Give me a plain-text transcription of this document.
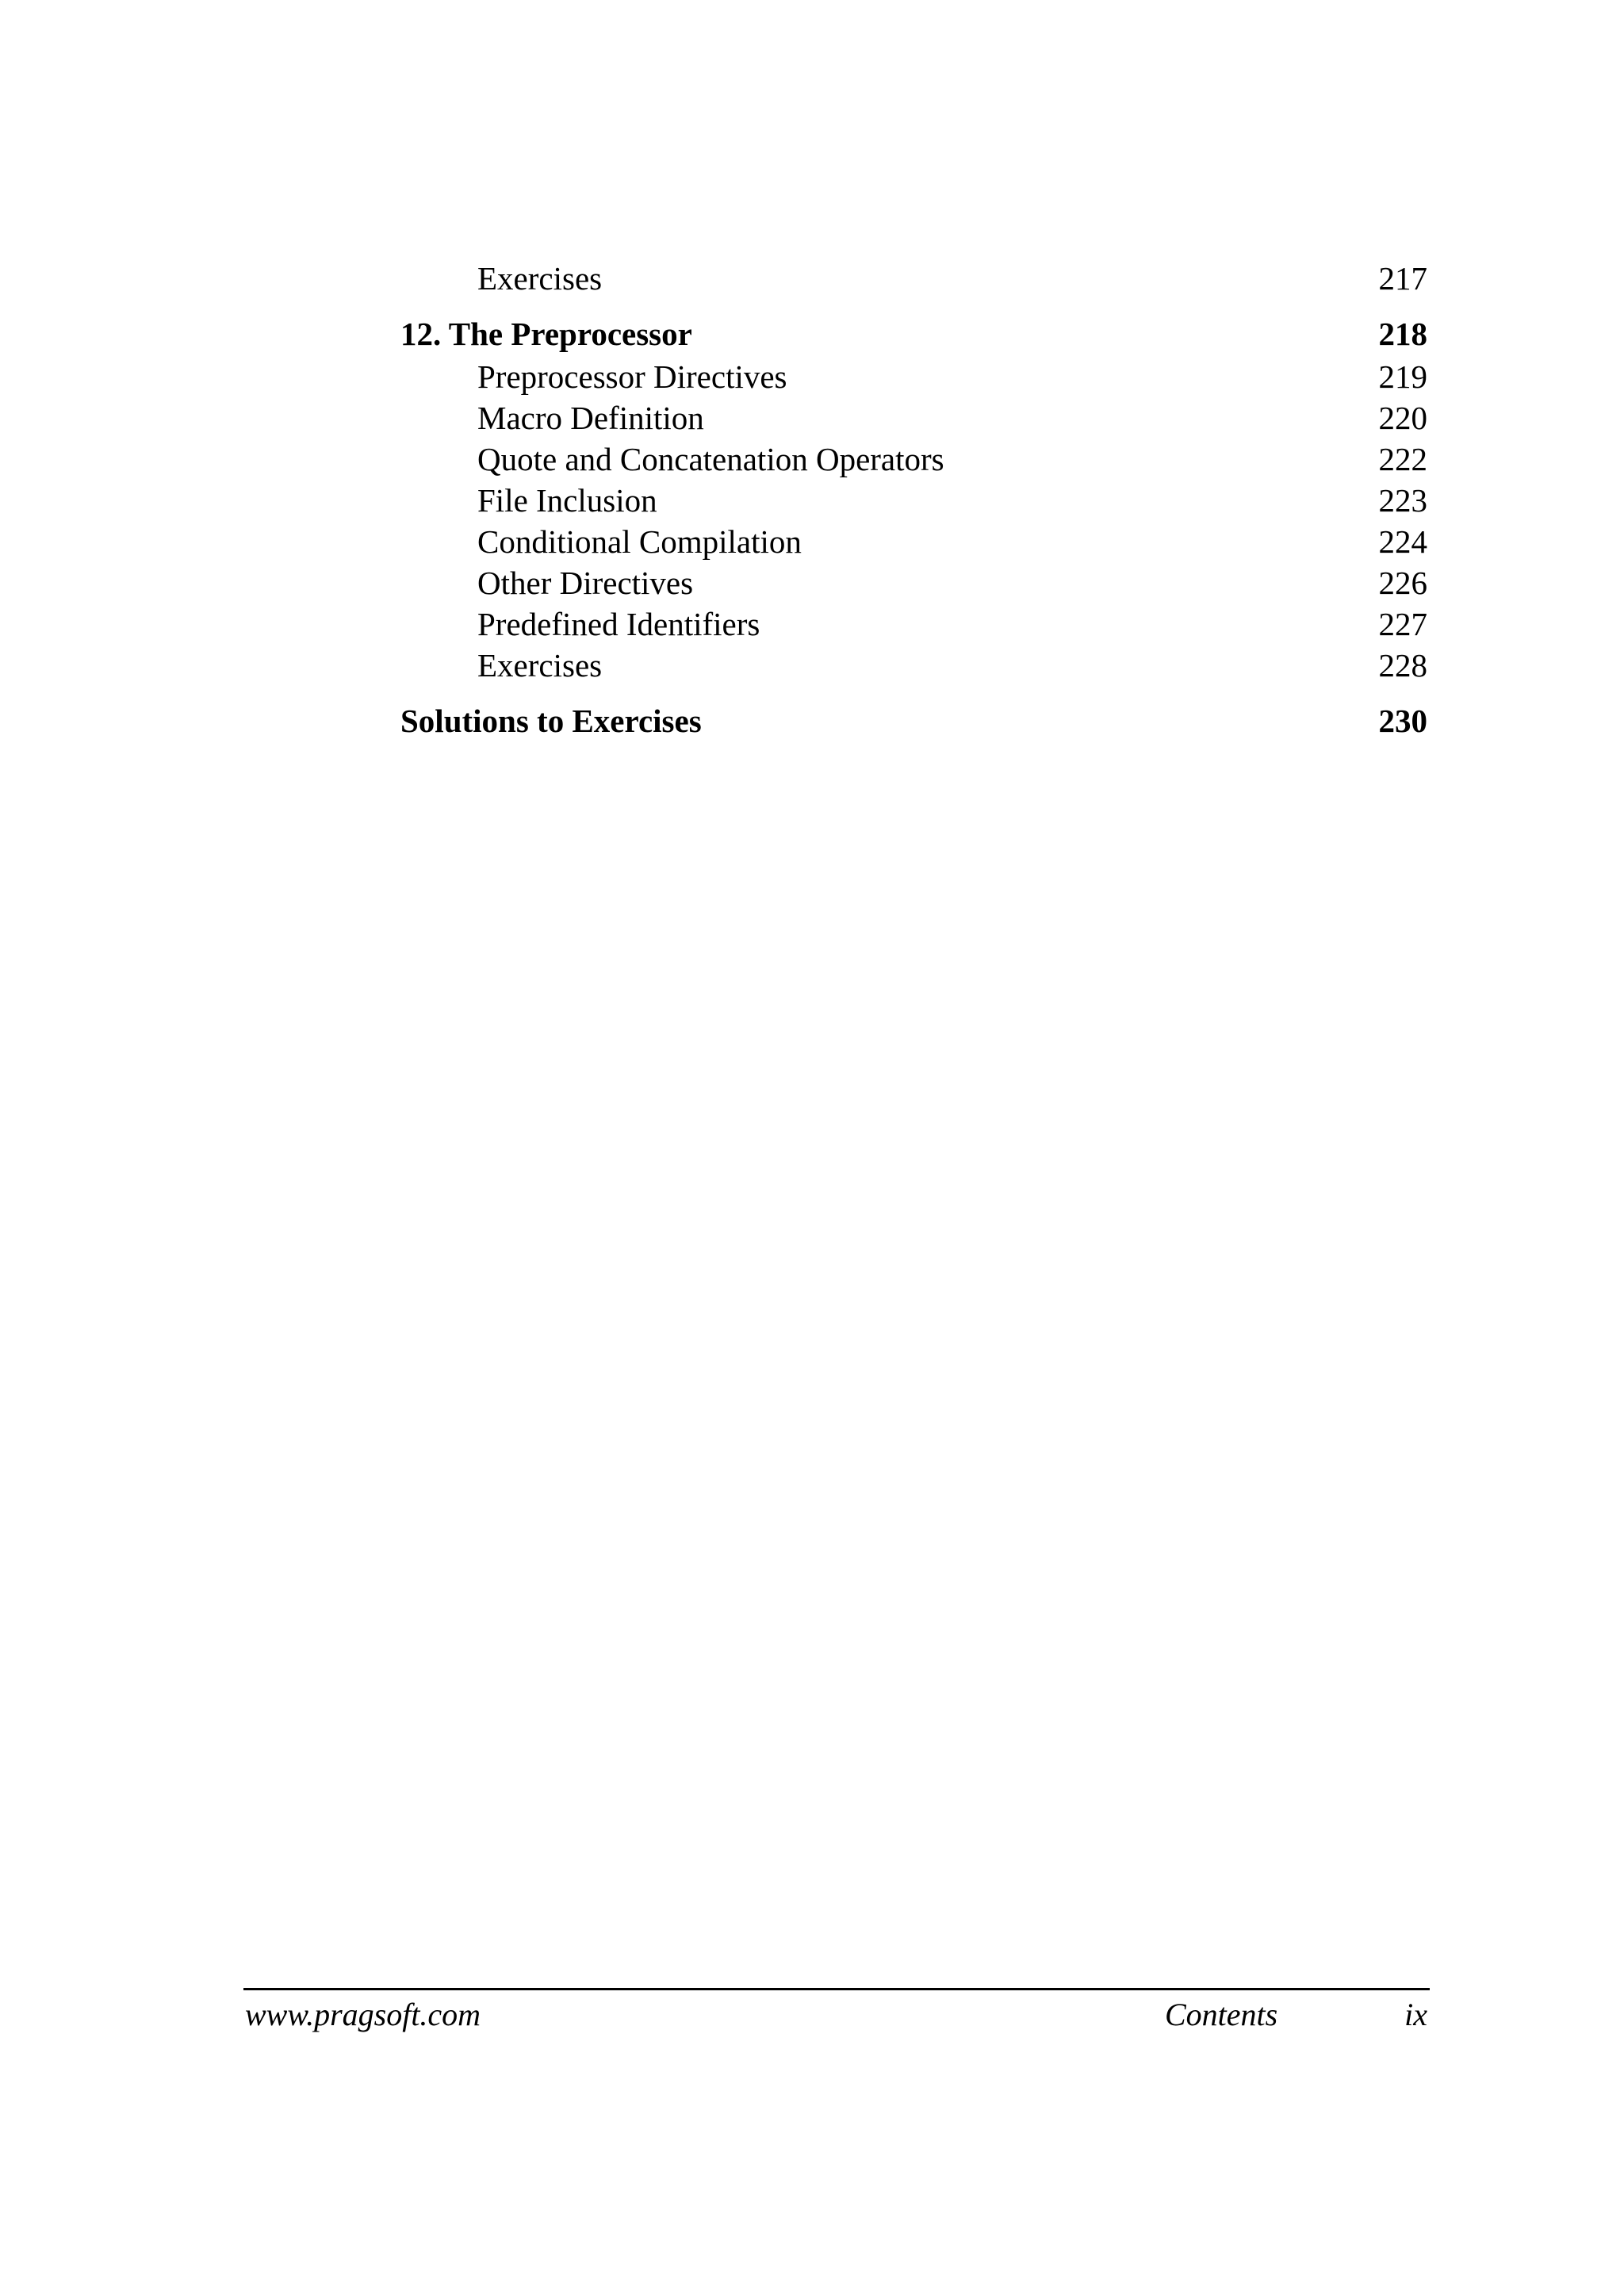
Exercises	217
12. The Preprocessor	218
Preprocessor Directives	219
Macro Definition	220
Quote and Concatenation Operators	222
File Inclusion	223
Conditional Compilation	224
Other Directives	226
Predefined Identifiers	227
Exercises	228
Solutions to Exercises	230
www.pragsoft.com	Contents	ix
